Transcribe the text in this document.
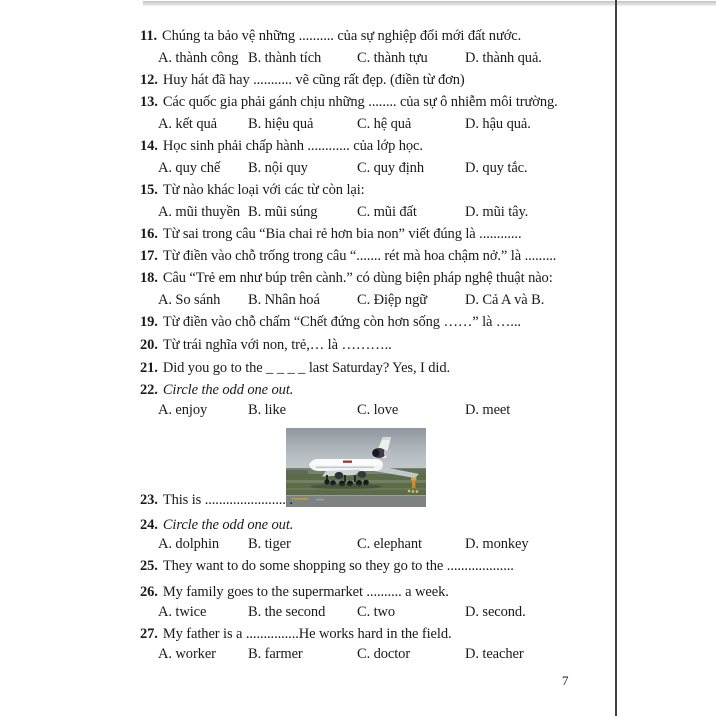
11. Chúng ta bảo vệ những .......... của sự nghiệp đổi mới đất nước.
A. thành công B. thành tích C. thành tựu	D. thành quả.
12. Huy hát đã hay ........... vẽ cũng rất đẹp. (điền từ đơn)
13. Các quốc gia phải gánh chịu những ........ của sự ô nhiễm môi trường.
A. kết quả B. hiệu quả	C. hệ quả	D. hậu quả.
14. Học sinh phải chấp hành ............ của lớp học.
A. quy chế B. nội quy	C. quy định	D. quy tắc.
15. Từ nào khác loại với các từ còn lại:
A. mũi thuyền B. mũi súng	C. mũi đất	D. mũi tây.
16. Từ sai trong câu “Bia chai rẻ hơn bia non” viết đúng là ............
17. Từ điền vào chỗ trống trong câu “....... rét mà hoa chậm nở.” là .........
18. Câu “Trẻ em như búp trên cành.” có dùng biện pháp nghệ thuật nào:
A. So sánh B. Nhân hoá	C. Điệp ngữ	D. Cả A và B.
19. Từ điền vào chỗ chấm “Chết đứng còn hơn sống ……” là …...
20. Từ trái nghĩa với non, trẻ,… là ………..
21. Did you go to the _ _ _ _ last Saturday? Yes, I did.
22. Circle the odd one out.
A. enjoy	B. like	C. love	D. meet
23. This is ....................... .
24. Circle the odd one out.
A. dolphin B. tiger	C. elephant	D. monkey
25. They want to do some shopping so they go to the ...................
26. My family goes to the supermarket .......... a week.
A. twice	B. the second C. two	D. second.
27. My father is a ...............He works hard in the field.
A. worker B. farmer	C. doctor	D. teacher
7
